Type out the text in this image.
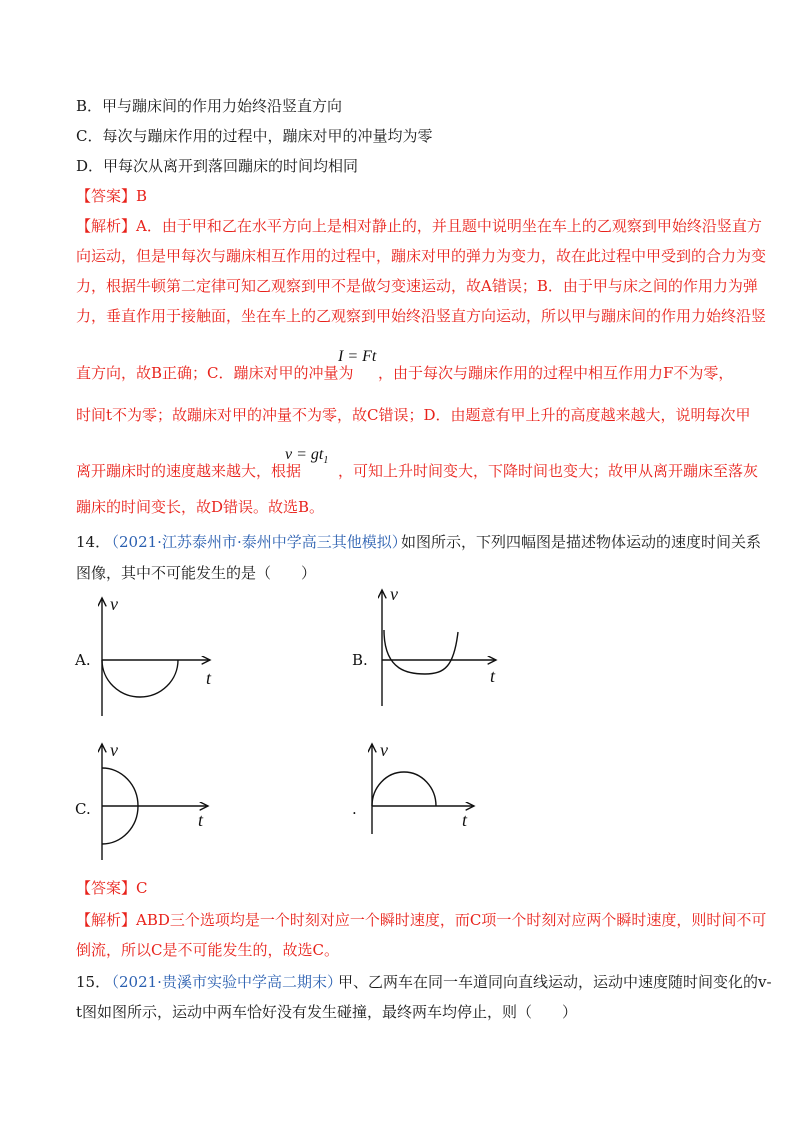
B．甲与蹦床间的作用力始终沿竖直方向
C．每次与蹦床作用的过程中，蹦床对甲的冲量均为零
D．甲每次从离开到落回蹦床的时间均相同
【答案】B
【解析】A．由于甲和乙在水平方向上是相对静止的，并且题中说明坐在车上的乙观察到甲始终沿竖直方
向运动，但是甲每次与蹦床相互作用的过程中，蹦床对甲的弹力为变力，故在此过程中甲受到的合力为变
力，根据牛顿第二定律可知乙观察到甲不是做匀变速运动，故A错误；B．由于甲与床之间的作用力为弹
力，垂直作用于接触面，坐在车上的乙观察到甲始终沿竖直方向运动，所以甲与蹦床间的作用力始终沿竖
直方向，故B正确；C．蹦床对甲的冲量为
I = Ft
，由于每次与蹦床作用的过程中相互作用力F不为零，
时间t不为零；故蹦床对甲的冲量不为零，故C错误；D．由题意有甲上升的高度越来越大，说明每次甲
离开蹦床时的速度越来越大，根据
$v = gt_1$
，可知上升时间变大，下降时间也变大；故甲从离开蹦床至落灰
蹦床的时间变长，故D错误。故选B。
14．
（2021·江苏泰州市·泰州中学高三其他模拟）
如图所示，下列四幅图是描述物体运动的速度时间关系
图像，其中不可能发生的是（　　）
A.	B.
C.	.
v
t
v
t
v
t
v
t
【答案】C
【解析】ABD三个选项均是一个时刻对应一个瞬时速度，而C项一个时刻对应两个瞬时速度，则时间不可
倒流，所以C是不可能发生的，故选C。
15．
（2021·贵溪市实验中学高二期末）
甲、乙两车在同一车道同向直线运动，运动中速度随时间变化的v-
t图如图所示，运动中两车恰好没有发生碰撞，最终两车均停止，则（　　）
